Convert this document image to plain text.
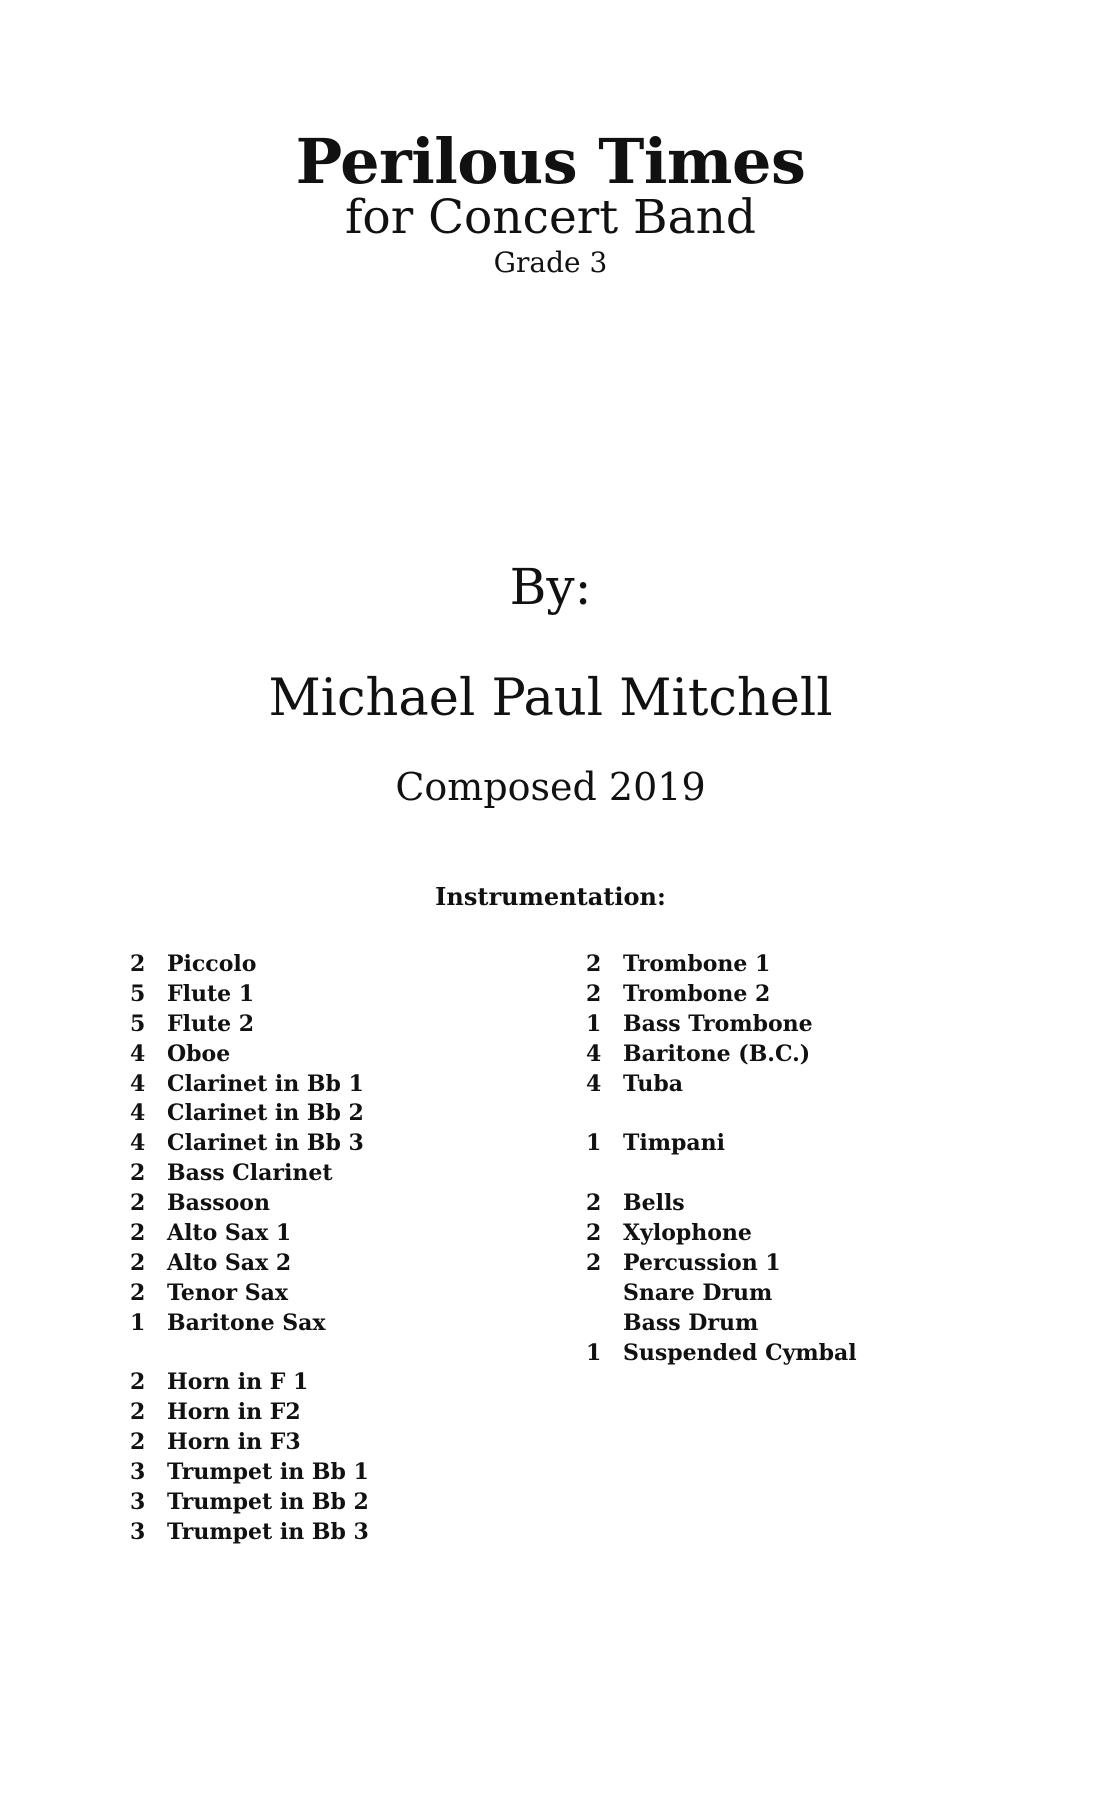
Perilous Times
for Concert Band
Grade 3
By:
Michael Paul Mitchell
Composed 2019
Instrumentation:
2 Piccolo
5 Flute 1
5 Flute 2
4 Oboe
4 Clarinet in Bb 1
4 Clarinet in Bb 2
4 Clarinet in Bb 3
2 Bass Clarinet
2 Bassoon
2 Alto Sax 1
2 Alto Sax 2
2 Tenor Sax
1 Baritone Sax
2 Horn in F 1
2 Horn in F2
2 Horn in F3
3 Trumpet in Bb 1
3 Trumpet in Bb 2
3 Trumpet in Bb 3
2 Trombone 1
2 Trombone 2
1 Bass Trombone
4 Baritone (B.C.)
4 Tuba
1 Timpani
2 Bells
2 Xylophone
2 Percussion 1
Snare Drum
Bass Drum
1 Suspended Cymbal
